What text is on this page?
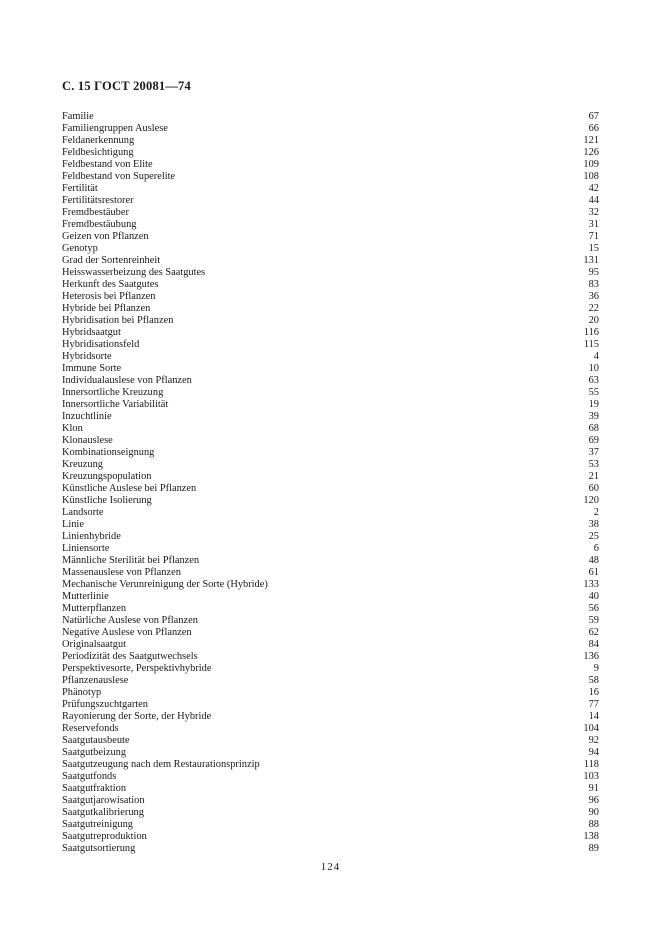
С. 15 ГОСТ 20081—74
Familie	67
Familiengruppen Auslese	66
Feldanerkennung	121
Feldbesichtigung	126
Feldbestand von Elite	109
Feldbestand von Superelite	108
Fertilität	42
Fertilitätsrestorer	44
Fremdbestäuber	32
Fremdbestäubung	31
Geizen von Pflanzen	71
Genotyp	15
Grad der Sortenreinheit	131
Heisswasserbeizung des Saatgutes	95
Herkunft des Saatgutes	83
Heterosis bei Pflanzen	36
Hybride bei Pflanzen	22
Hybridisation bei Pflanzen	20
Hybridsaatgut	116
Hybridisationsfeld	115
Hybridsorte	4
Immune Sorte	10
Individualauslese von Pflanzen	63
Innersortliche Kreuzung	55
Innersortliche Variabilität	19
Inzuchtlinie	39
Klon	68
Klonauslese	69
Kombinationseignung	37
Kreuzung	53
Kreuzungspopulation	21
Künstliche Auslese bei Pflanzen	60
Künstliche Isolierung	120
Landsorte	2
Linie	38
Linienhybride	25
Liniensorte	6
Männliche Sterilität bei Pflanzen	48
Massenauslese von Pflanzen	61
Mechanische Verunreinigung der Sorte (Hybride)	133
Mutterlinie	40
Mutterpflanzen	56
Natürliche Auslese von Pflanzen	59
Negative Auslese von Pflanzen	62
Originalsaatgut	84
Periodizität des Saatgutwechsels	136
Perspektivesorte, Perspektivhybride	9
Pflanzenauslese	58
Phänotyp	16
Prüfungszuchtgarten	77
Rayonierung der Sorte, der Hybride	14
Reservefonds	104
Saatgutausbeute	92
Saatgutbeizung	94
Saatgutzeugung nach dem Restaurationsprinzip	118
Saatgutfonds	103
Saatgutfraktion	91
Saatgutjarowisation	96
Saatgutkalibrierung	90
Saatgutreinigung	88
Saatgutreproduktion	138
Saatgutsortierung	89
124
